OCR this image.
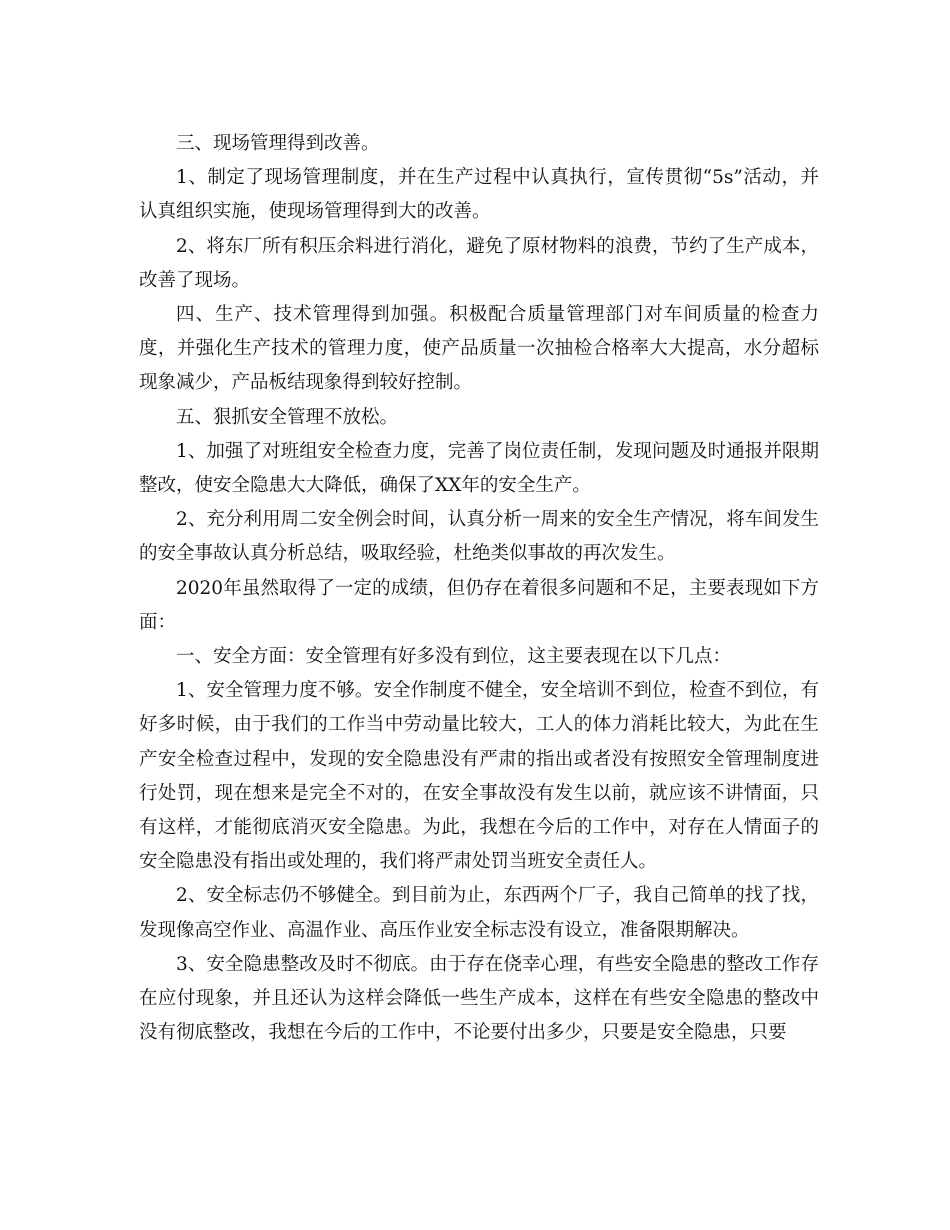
三、现场管理得到改善。

1、制定了现场管理制度，并在生产过程中认真执行，宣传贯彻“5s”活动，并认真组织实施，使现场管理得到大的改善。

2、将东厂所有积压余料进行消化，避免了原材物料的浪费，节约了生产成本，改善了现场。

四、生产、技术管理得到加强。积极配合质量管理部门对车间质量的检查力度，并强化生产技术的管理力度，使产品质量一次抽检合格率大大提高，水分超标现象减少，产品板结现象得到较好控制。

五、狠抓安全管理不放松。

1、加强了对班组安全检查力度，完善了岗位责任制，发现问题及时通报并限期整改，使安全隐患大大降低，确保了XX年的安全生产。

2、充分利用周二安全例会时间，认真分析一周来的安全生产情况，将车间发生的安全事故认真分析总结，吸取经验，杜绝类似事故的再次发生。

2020年虽然取得了一定的成绩，但仍存在着很多问题和不足，主要表现如下方面：

一、安全方面：安全管理有好多没有到位，这主要表现在以下几点：

1、安全管理力度不够。安全作制度不健全，安全培训不到位，检查不到位，有好多时候，由于我们的工作当中劳动量比较大，工人的体力消耗比较大，为此在生产安全检查过程中，发现的安全隐患没有严肃的指出或者没有按照安全管理制度进行处罚，现在想来是完全不对的，在安全事故没有发生以前，就应该不讲情面，只有这样，才能彻底消灭安全隐患。为此，我想在今后的工作中，对存在人情面子的安全隐患没有指出或处理的，我们将严肃处罚当班安全责任人。

2、安全标志仍不够健全。到目前为止，东西两个厂子，我自己简单的找了找，发现像高空作业、高温作业、高压作业安全标志没有设立，准备限期解决。

3、安全隐患整改及时不彻底。由于存在侥幸心理，有些安全隐患的整改工作存在应付现象，并且还认为这样会降低一些生产成本，这样在有些安全隐患的整改中没有彻底整改，我想在今后的工作中，不论要付出多少，只要是安全隐患，只要
